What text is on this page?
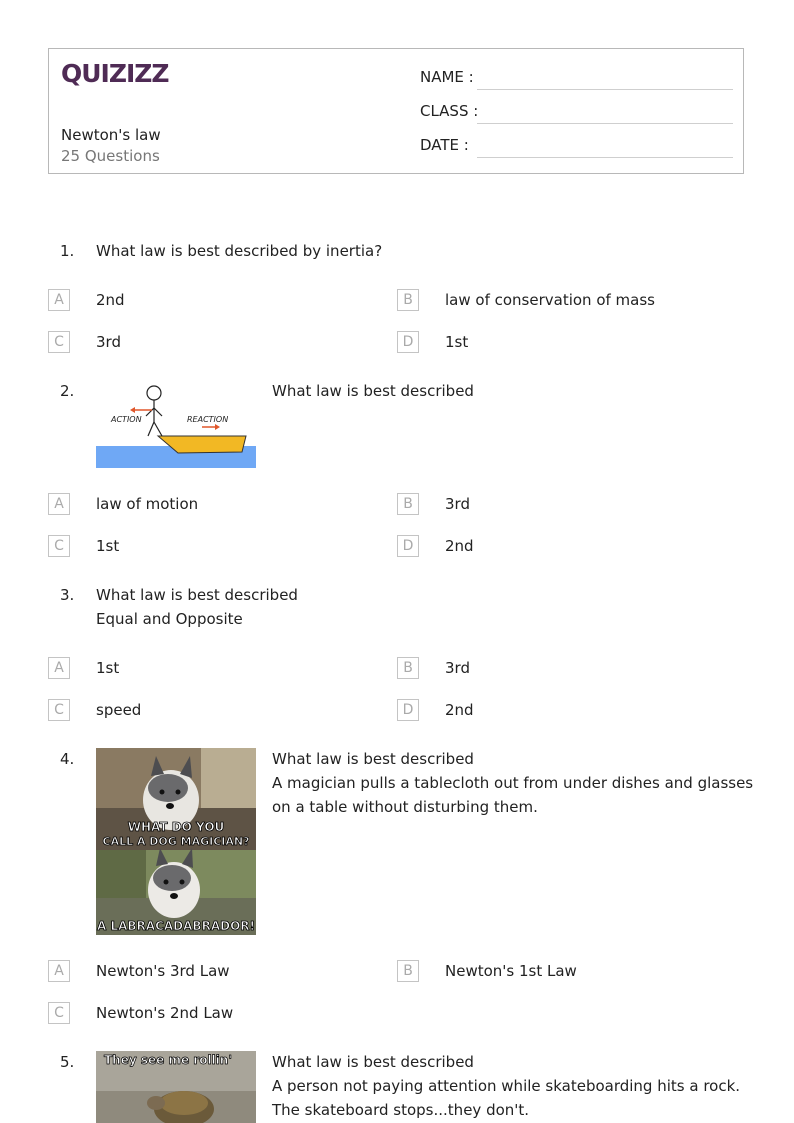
QUIZIZZ
Newton's law
25 Questions
NAME :
CLASS :
DATE :
1. What law is best described by inertia?
A	2nd	B	law of conservation of mass
C	3rd	D	1st
2.
ACTION	REACTION
What law is best described
A	law of motion	B	3rd
C	1st	D	2nd
3. What law is best described
Equal and Opposite
A	1st	B	3rd
C	speed	D	2nd
4.
WHAT DO YOU
CALL A DOG MAGICIAN?
A LABRACADABRADOR!
What law is best described
A magician pulls a tablecloth out from under dishes and glasses
on a table without disturbing them.
A	Newton's 3rd Law	B	Newton's 1st Law
C	Newton's 2nd Law
5. They see me rollin'	What law is best described
A person not paying attention while skateboarding hits a rock.
The skateboard stops...they don't.
